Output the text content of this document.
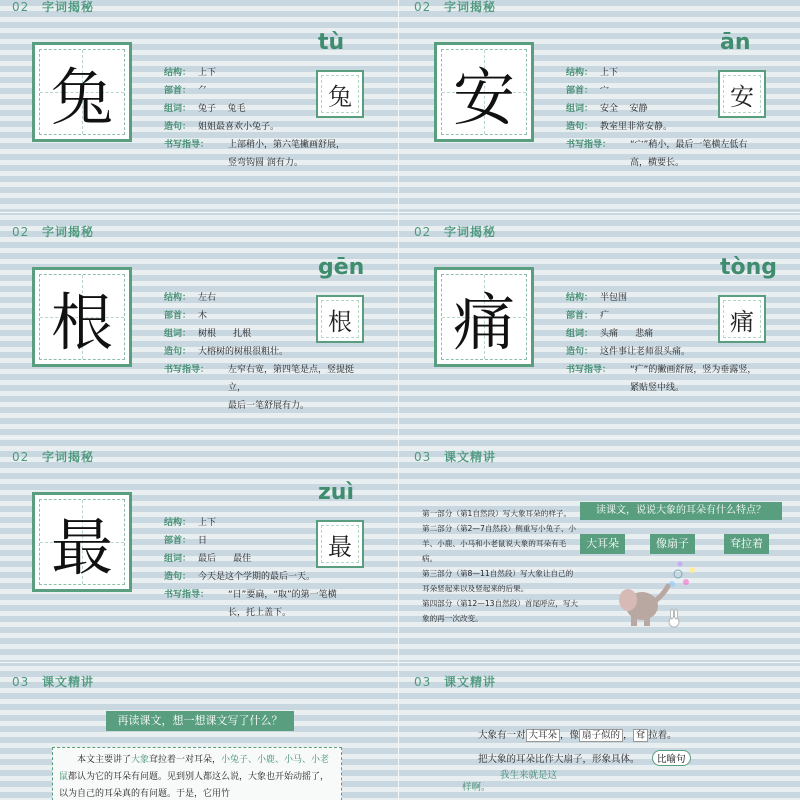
02 字词揭秘
兔
tù
兔
结构： 上下
部首： ⺈
组词： 兔子    兔毛
造句： 姐姐最喜欢小兔子。
书写指导：	上部稍小，第六笔撇画舒展，
竖弯钩圆 润有力。
02 字词揭秘
安
ān
安
结构： 上下
部首： 宀
组词： 安全    安静
造句： 教室里非常安静。
书写指导：	“宀”稍小，最后一笔横左低右
高，横要长。
02 字词揭秘
根
gēn
根
结构： 左右
部首： 木
组词： 树根      扎根
造句： 大榕树的树根很粗壮。
书写指导：	左窄右宽，第四笔是点，竖提挺
立，
最后一笔舒展有力。
02 字词揭秘
痛
tòng
痛
结构： 半包围
部首： 疒
组词： 头痛      悲痛
造句： 这件事让老师很头痛。
书写指导：	“疒”的撇画舒展，竖为垂露竖，
紧贴竖中线。
02 字词揭秘
最
zuì
最
结构： 上下
部首： 日
组词： 最后      最佳
造句： 今天是这个学期的最后一天。
书写指导：	“日”要扁，“取”的第一笔横
长，托上盖下。
03 课文精讲
第一部分（第1自然段）写大象耳朵的样子。
第二部分（第2—7自然段）侧重写小兔子、小羊、小鹿、小马和小老鼠说大象的耳朵有毛病。
第三部分（第8—11自然段）写大象让自己的耳朵竖起来以及竖起来的后果。
第四部分（第12—13自然段）首尾呼应，写大象的再一次改变。
读课文，说说大象的耳朵有什么特点？
大耳朵	像扇子	耷拉着
03 课文精讲
再读课文，想一想课文写了什么？
本文主要讲了大象耷拉着一对耳朵，小兔子、小鹿、小马、小老鼠都认为它的耳朵有问题。见到别人都这么说，大象也开始动摇了，以为自己的耳朵真的有问题。于是，它用竹
03 课文精讲
大象有一对 大耳朵 ，像 扇子似的 ， 耷 拉着。
把大象的耳朵比作大扇子，形象具体。	比喻句
我生来就是这
样啊。
